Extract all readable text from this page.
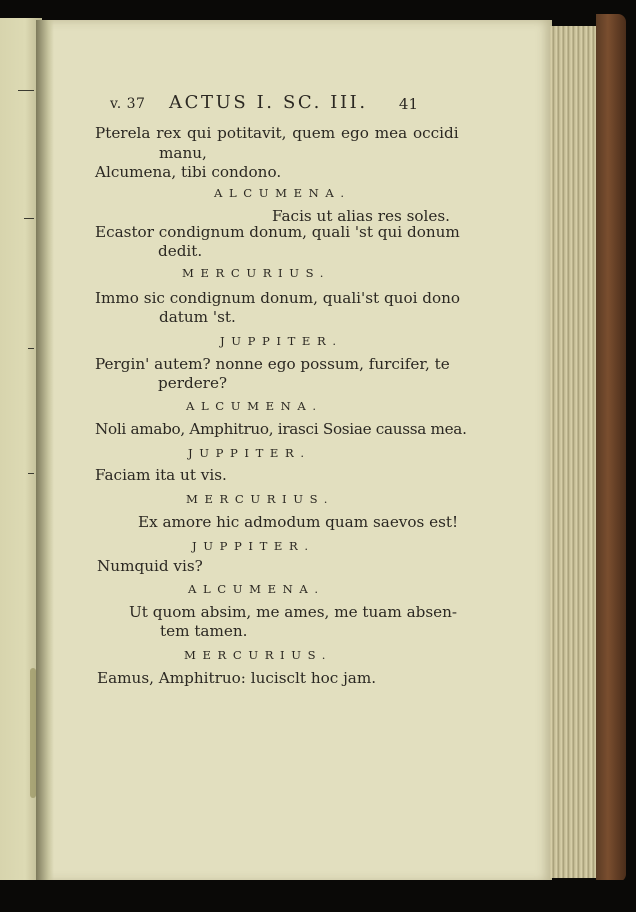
v. 37 ACTUS I. SC. III. 41
Pterela rex qui potitavit, quem ego mea occidi
manu,
Alcumena, tibi condono.
ALCUMENA.
Facis ut alias res soles.
Ecastor condignum donum, quali 'st qui donum
dedit.
MERCURIUS.
Immo sic condignum donum, quali'st quoi dono
datum 'st.
JUPPITER.
Pergin' autem? nonne ego possum, furcifer, te
perdere?
ALCUMENA.
Noli amabo, Amphitruo, irasci Sosiae caussa mea.
JUPPITER.
Faciam ita ut vis.
MERCURIUS.
Ex amore hic admodum quam saevos est!
JUPPITER.
Numquid vis?
ALCUMENA.
Ut quom absim, me ames, me tuam absen-
tem tamen.
MERCURIUS.
Eamus, Amphitruo: lucisclt hoc jam.
